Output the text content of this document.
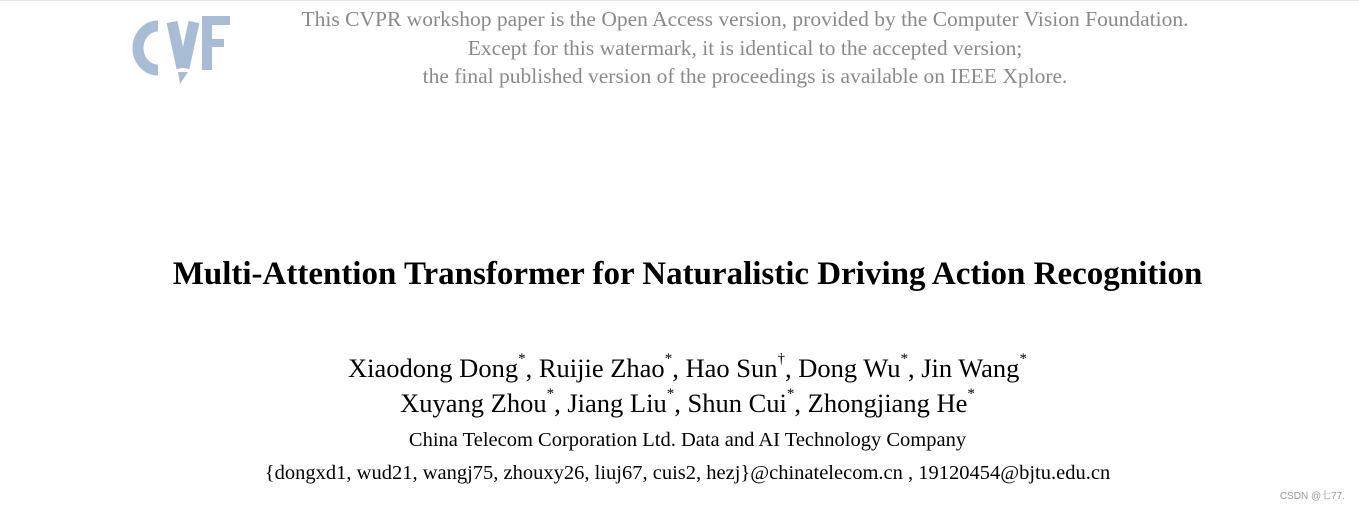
This CVPR workshop paper is the Open Access version, provided by the Computer Vision Foundation.
Except for this watermark, it is identical to the accepted version;
the final published version of the proceedings is available on IEEE Xplore.
Multi-Attention Transformer for Naturalistic Driving Action Recognition
Xiaodong Dong*, Ruijie Zhao*, Hao Sun†, Dong Wu*, Jin Wang*
Xuyang Zhou*, Jiang Liu*, Shun Cui*, Zhongjiang He*
China Telecom Corporation Ltd. Data and AI Technology Company
{dongxd1, wud21, wangj75, zhouxy26, liuj67, cuis2, hezj}@chinatelecom.cn , 19120454@bjtu.edu.cn
CSDN @七77.
